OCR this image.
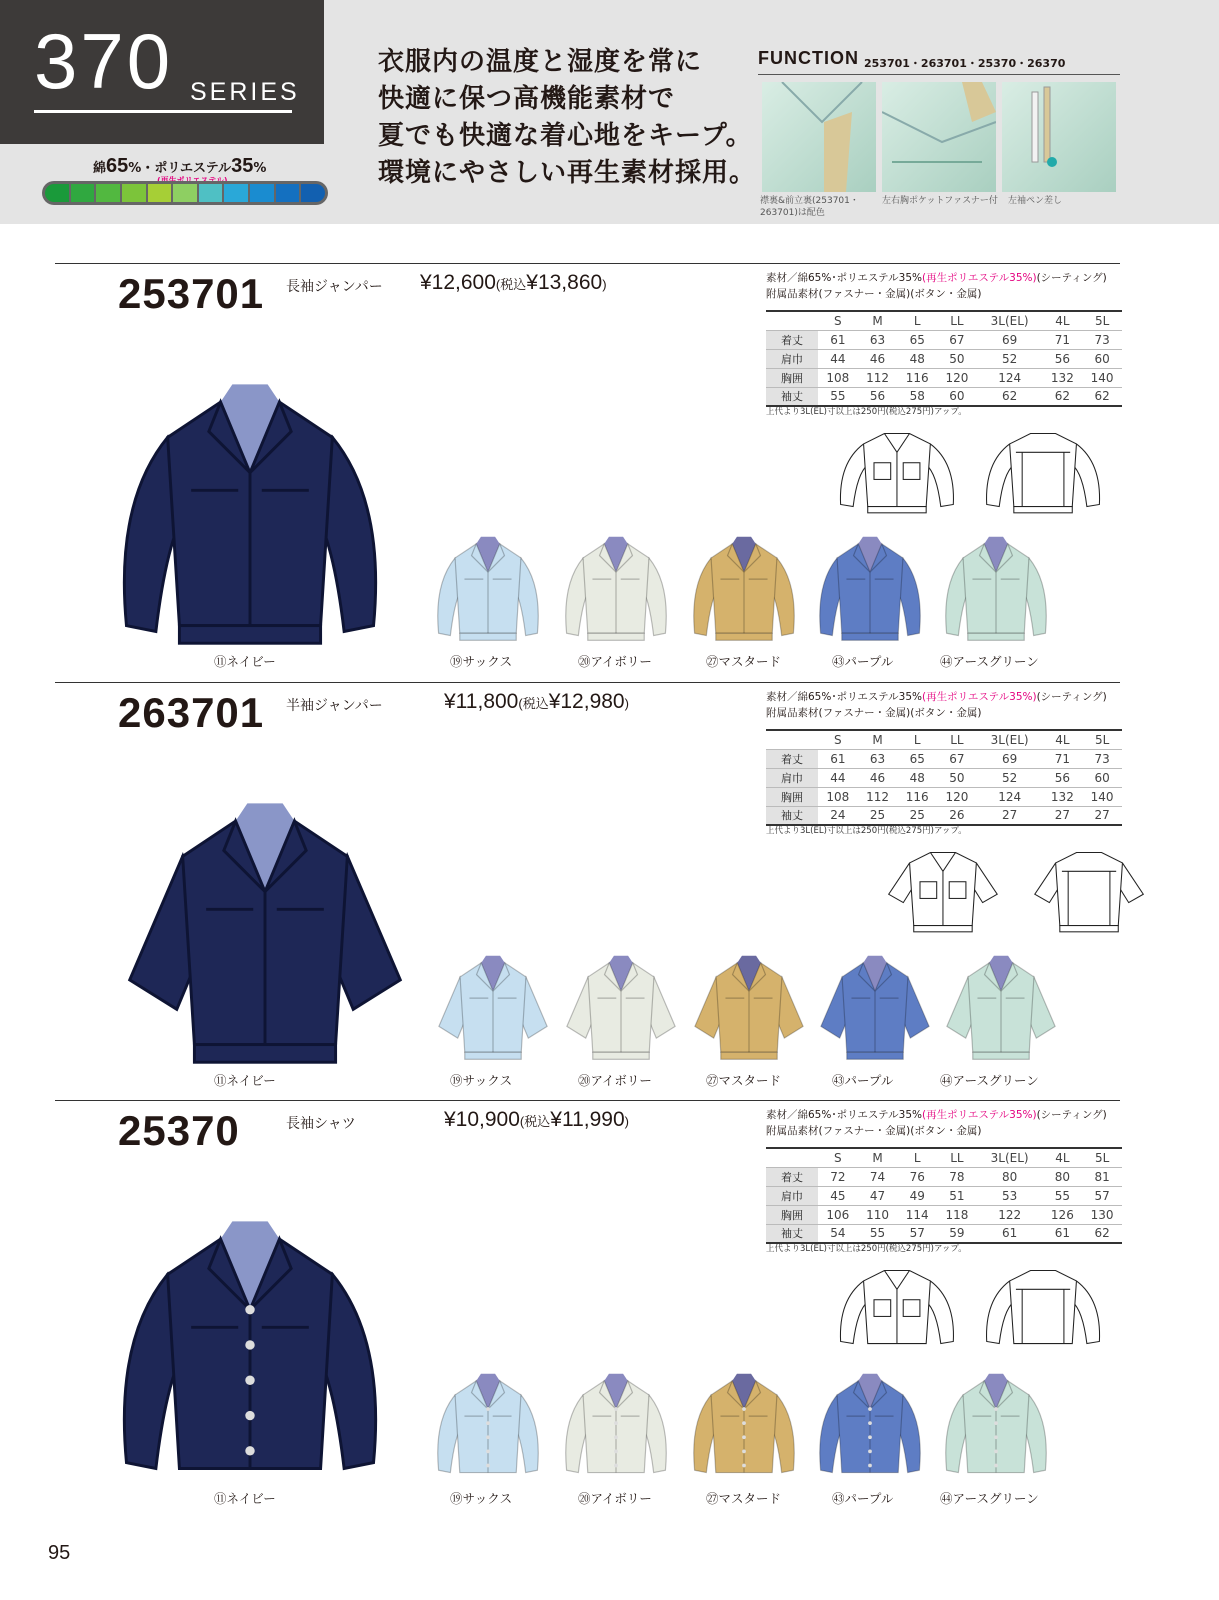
370 SERIES
綿65%・ポリエステル35%
衣服内の温度と湿度を常に
快適に保つ高機能素材で
夏でも快適な着心地をキープ。
環境にやさしい再生素材採用。
FUNCTION 253701・263701・25370・26370
襟裏&前立裏(253701・263701)は配色
左右胸ポケットファスナー付 左袖ペン差し
253701 長袖ジャンパー ¥12,600(税込¥13,860)	素材／綿65%･ポリエステル35%(再生ポリエステル35%)(シーティング)
附属品素材(ファスナー・金属)(ボタン・金属)
	S	M	L	LL	3L(EL)	4L	5L
着丈	61	63	65	67	69	71	73
肩巾	44	46	48	50	52	56	60
胸囲	108	112	116	120	124	132	140
袖丈	55	56	58	60	62	62	62
上代より3L(EL)寸以上は250円(税込275円)アップ。
⑪ネイビー	⑲サックス	⑳アイボリー	㉗マスタード	㊸パープル	㊹アースグリーン
263701 半袖ジャンパー	¥11,800(税込¥12,980)	素材／綿65%･ポリエステル35%(再生ポリエステル35%)(シーティング)
附属品素材(ファスナー・金属)(ボタン・金属)
	S	M	L	LL	3L(EL)	4L	5L
着丈	61	63	65	67	69	71	73
肩巾	44	46	48	50	52	56	60
胸囲	108	112	116	120	124	132	140
袖丈	24	25	25	26	27	27	27
上代より3L(EL)寸以上は250円(税込275円)アップ。
⑪ネイビー	⑲サックス	⑳アイボリー	㉗マスタード	㊸パープル	㊹アースグリーン
25370	長袖シャツ	¥10,900(税込¥11,990)	素材／綿65%･ポリエステル35%(再生ポリエステル35%)(シーティング)
附属品素材(ファスナー・金属)(ボタン・金属)
	S	M	L	LL	3L(EL)	4L	5L
着丈	72	74	76	78	80	80	81
肩巾	45	47	49	51	53	55	57
胸囲	106	110	114	118	122	126	130
袖丈	54	55	57	59	61	61	62
上代より3L(EL)寸以上は250円(税込275円)アップ。
⑪ネイビー	⑲サックス	⑳アイボリー	㉗マスタード	㊸パープル	㊹アースグリーン
95
